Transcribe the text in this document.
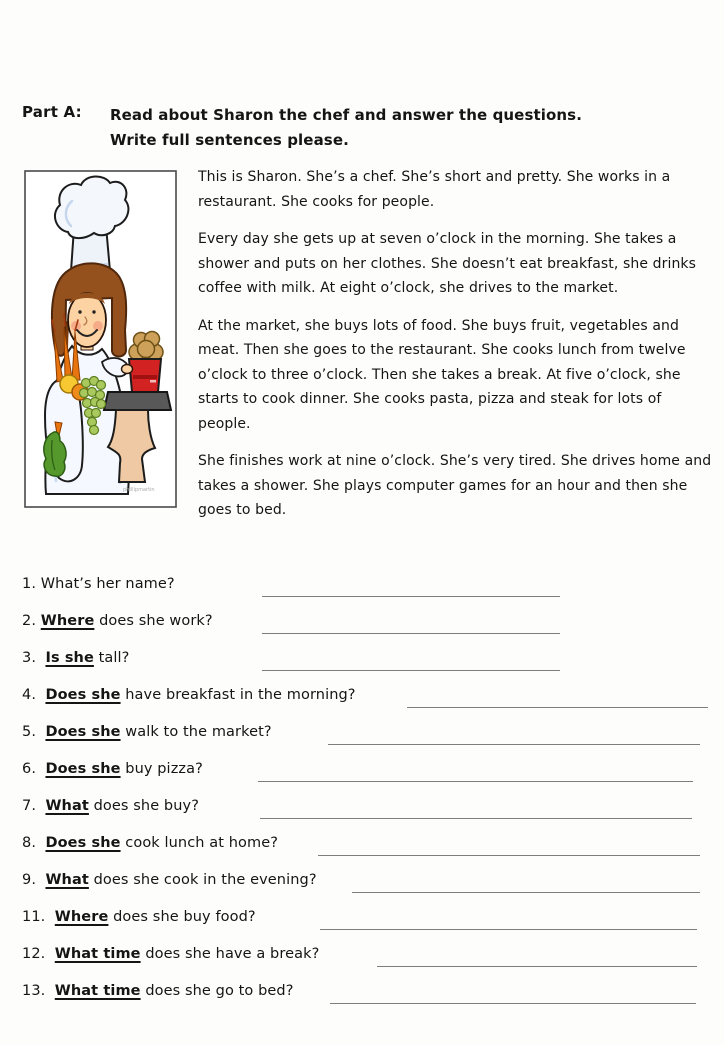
Part A: Read about Sharon the chef and answer the questions.
Write full sentences please.
phillipmartin

This is Sharon. She’s a chef. She’s short and pretty. She works in a restaurant. She cooks for people.

Every day she gets up at seven o’clock in the morning. She takes a shower and puts on her clothes. She doesn’t eat breakfast, she drinks coffee with milk. At eight o’clock, she drives to the market.

At the market, she buys lots of food. She buys fruit, vegetables and meat. Then she goes to the restaurant. She cooks lunch from twelve o’clock to three o’clock. Then she takes a break. At five o’clock, she starts to cook dinner. She cooks pasta, pizza and steak for lots of people.

She finishes work at nine o’clock. She’s very tired. She drives home and takes a shower. She plays computer games for an hour and then she goes to bed.

1. What’s her name?

2. Where does she work?

3.  Is she tall?

4.  Does she have breakfast in the morning?

5.  Does she walk to the market?

6.  Does she buy pizza?

7.  What does she buy?

8.  Does she cook lunch at home?

9.  What does she cook in the evening?

11.  Where does she buy food?

12.  What time does she have a break?

13.  What time does she go to bed?
